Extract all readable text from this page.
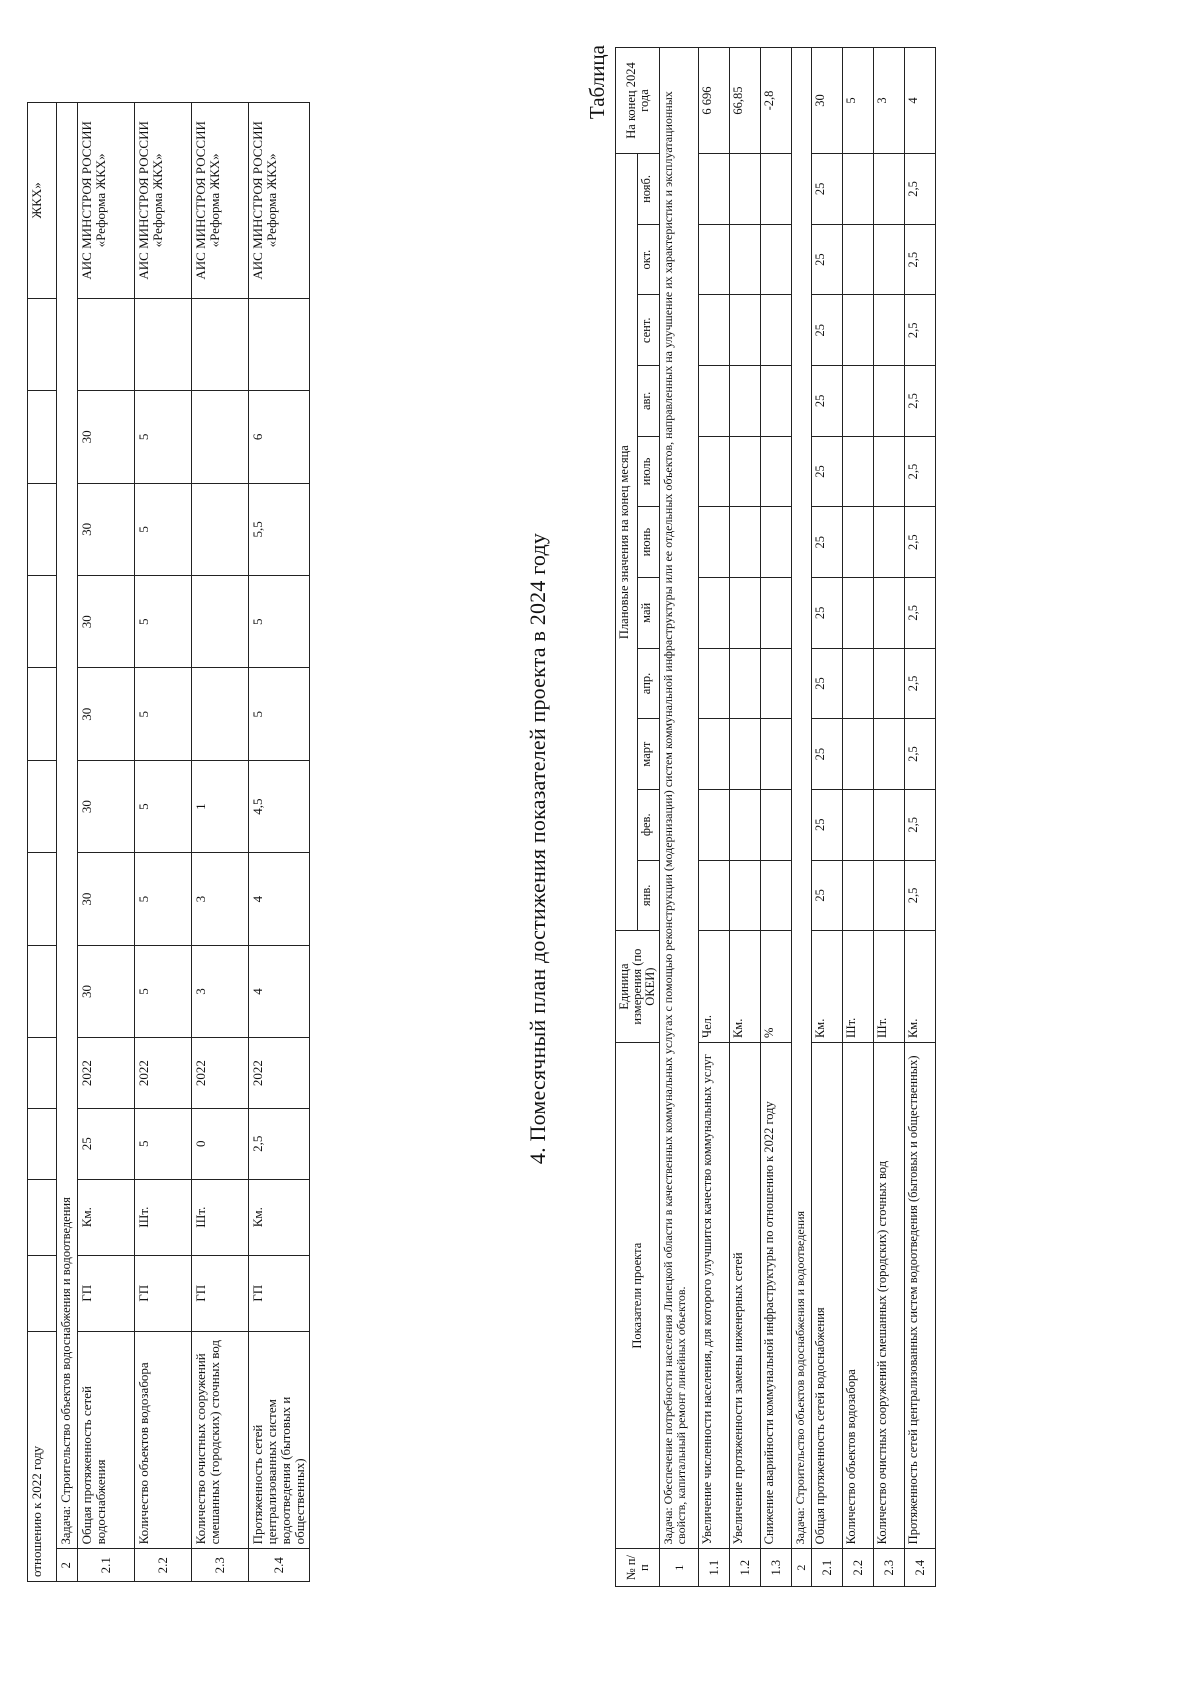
отношению к 2022 году														ЖКХ»
2	Задача: Строительство объектов водоснабжения и водоотведения													
2.1	Общая протяженность сетей водоснабжения	ГП	Км.	25	2022	30	30	30	30	30	30	30		АИС МИНСТРОЯ РОССИИ «Реформа ЖКХ»
2.2	Количество объектов водозабора	ГП	Шт.	5	2022	5	5	5	5	5	5	5		АИС МИНСТРОЯ РОССИИ «Реформа ЖКХ»
2.3	Количество очистных сооружений смешанных (городских) сточных вод	ГП	Шт.	0	2022	3	3	1						АИС МИНСТРОЯ РОССИИ «Реформа ЖКХ»
2.4	Протяженность сетей централизованных систем водоотведения (бытовых и общественных)	ГП	Км.	2,5	2022	4	4	4,5	5	5	5,5	6		АИС МИНСТРОЯ РОССИИ «Реформа ЖКХ»
4. Помесячный план достижения показателей проекта в 2024 году
Таблица
№ п/п	Показатели проекта	Единица измерения (по ОКЕИ)	Плановые значения на конец месяца											На конец 2024 года
			янв.	фев.	март	апр.	май	июнь	июль	авг.	сент.	окт.	нояб.	
1	Задача: Обеспечение потребности населения Липецкой области в качественных коммунальных услугах с помощью реконструкции (модернизации) систем коммунальной инфраструктуры или ее отдельных объектов, направленных на улучшение их характеристик и эксплуатационных свойств, капитальный ремонт линейных объектов.													
1.1	Увеличение численности населения, для которого улучшится качество коммунальных услуг	Чел.												6 696
1.2	Увеличение протяженности замены инженерных сетей	Км.												66,85
1.3	Снижение аварийности коммунальной инфраструктуры по отношению к 2022 году	%												-2,8
2	Задача: Строительство объектов водоснабжения и водоотведения													
2.1	Общая протяженность сетей водоснабжения	Км.	25	25	25	25	25	25	25	25	25	25	25	30
2.2	Количество объектов водозабора	Шт.												5
2.3	Количество очистных сооружений смешанных (городских) сточных вод	Шт.												3
2.4	Протяженность сетей централизованных систем водоотведения (бытовых и общественных)	Км.	2,5	2,5	2,5	2,5	2,5	2,5	2,5	2,5	2,5	2,5	2,5	4
